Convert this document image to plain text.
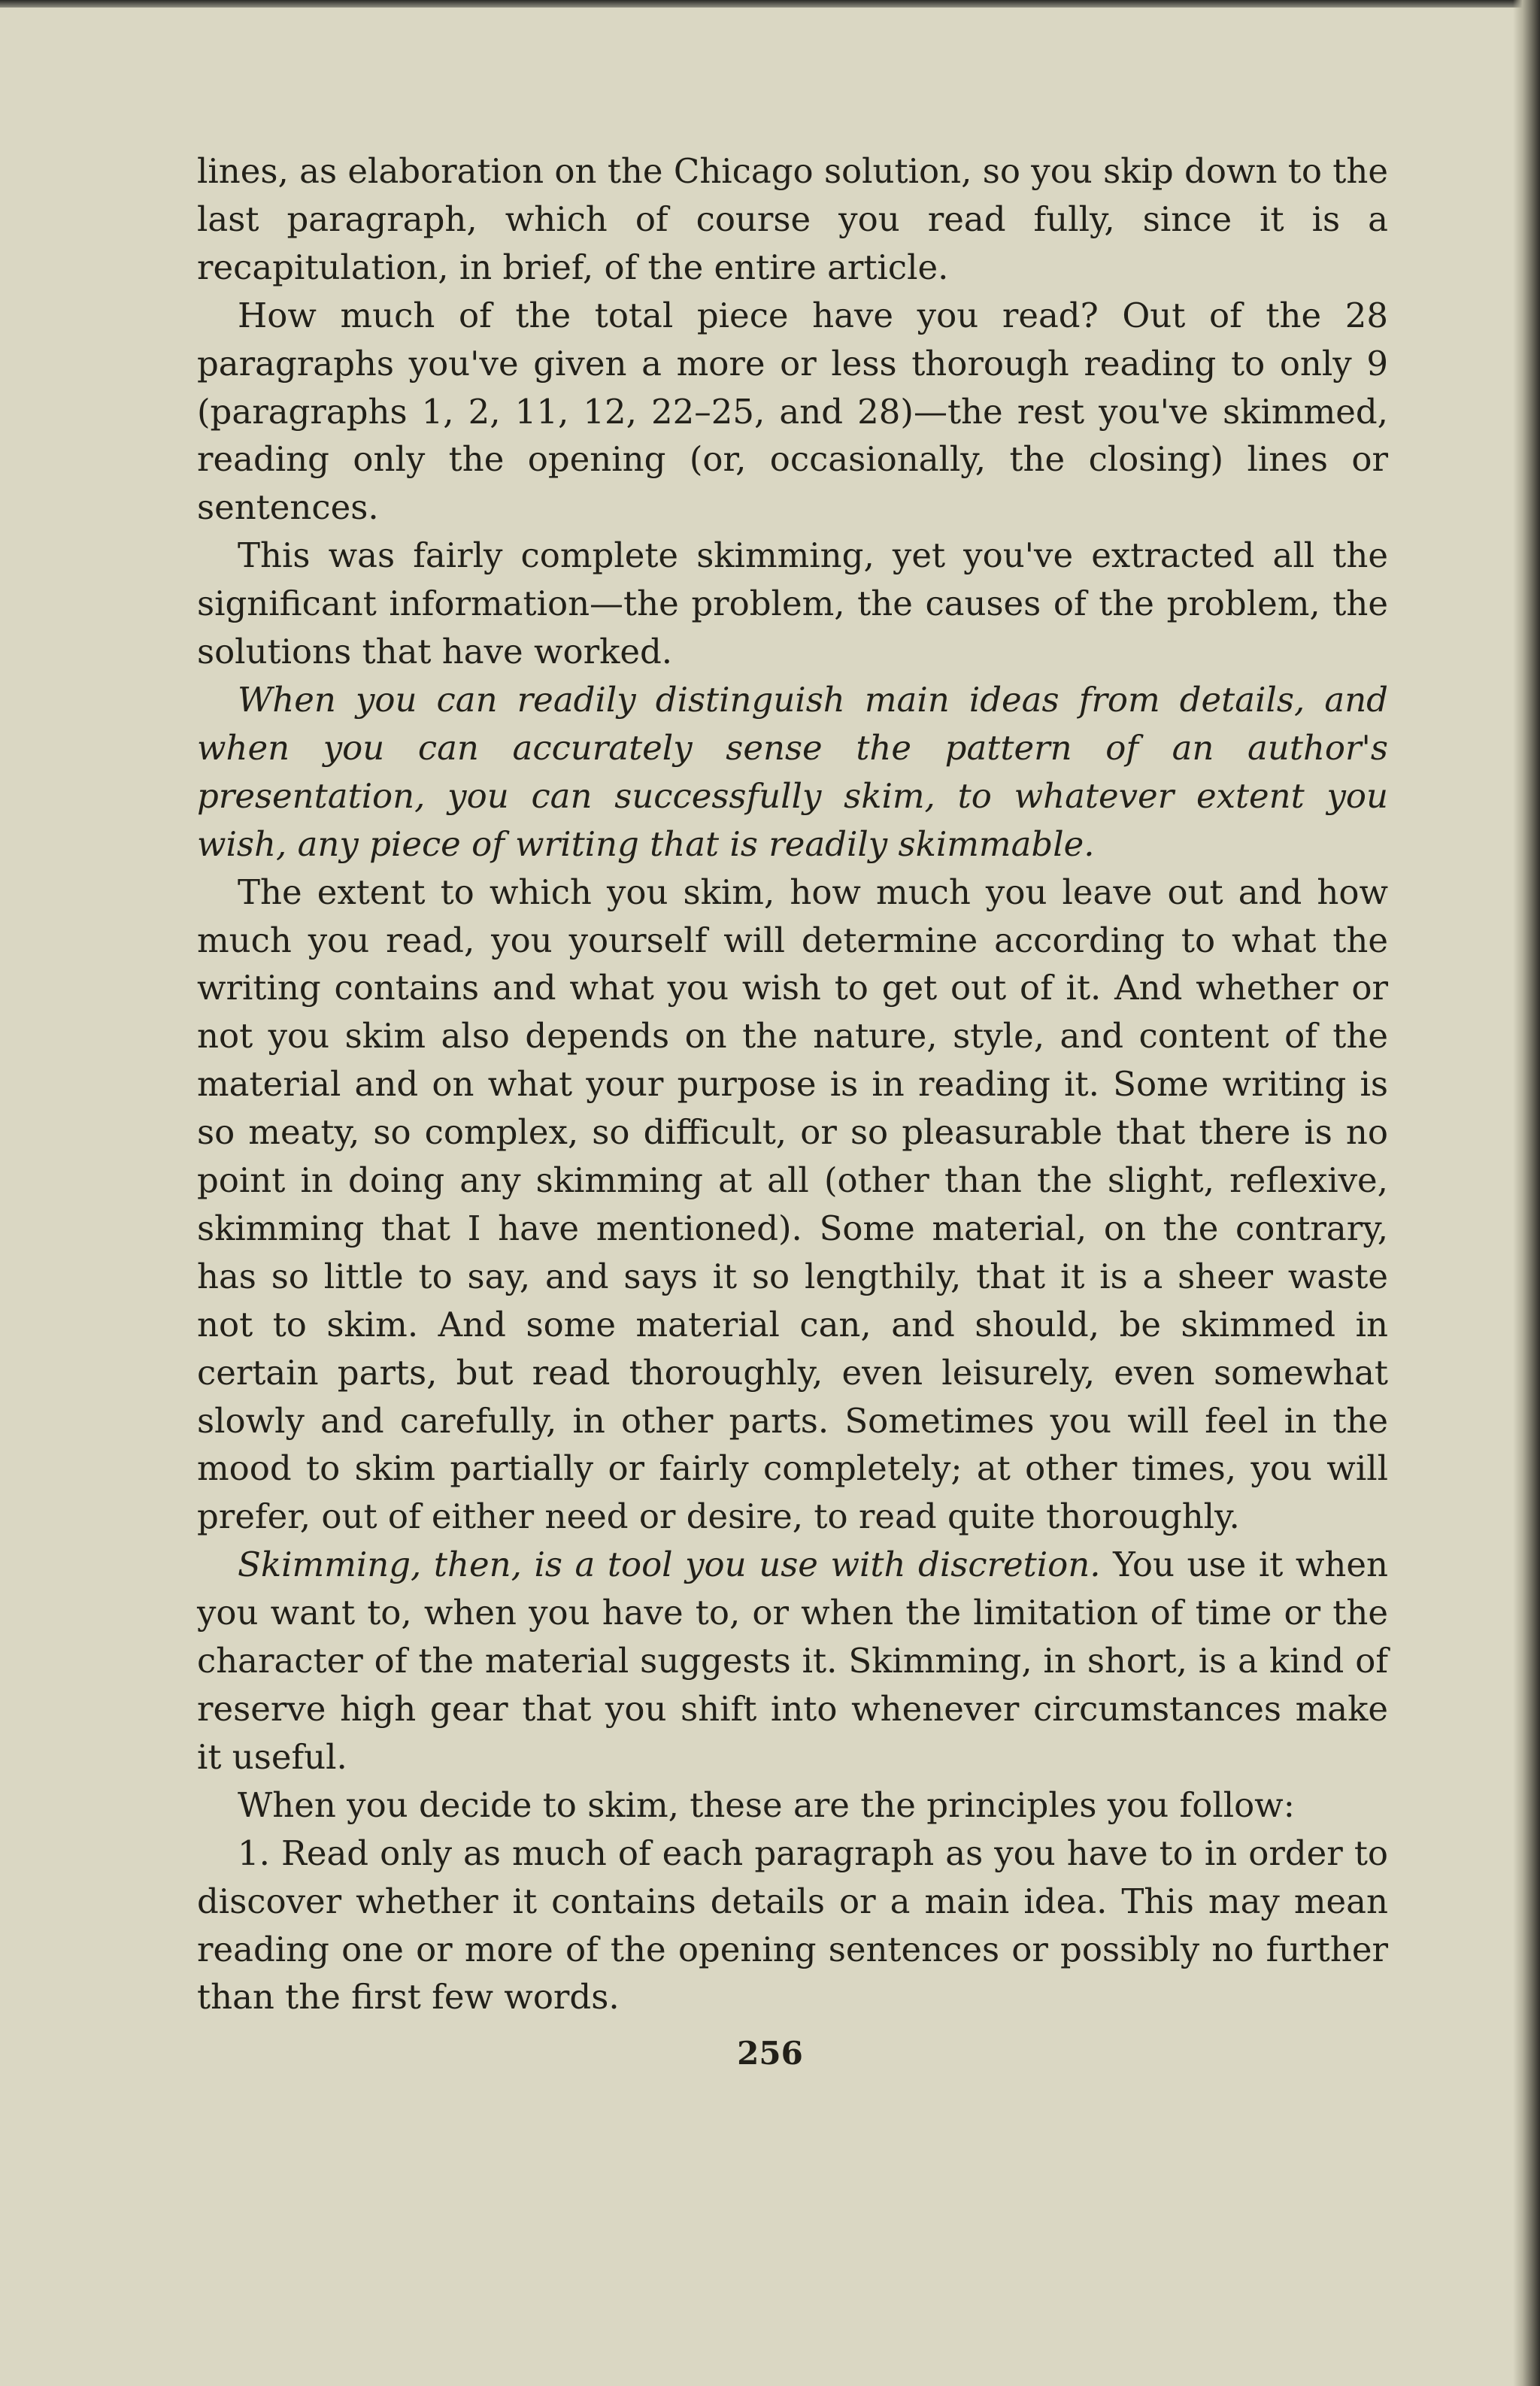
lines, as elaboration on the Chicago solution, so you skip down to the last paragraph, which of course you read fully, since it is a recapitulation, in brief, of the entire article.

How much of the total piece have you read? Out of the 28 paragraphs you've given a more or less thorough reading to only 9 (paragraphs 1, 2, 11, 12, 22–25, and 28)—the rest you've skimmed, reading only the opening (or, occasionally, the closing) lines or sentences.

This was fairly complete skimming, yet you've extracted all the significant information—the problem, the causes of the problem, the solutions that have worked.

When you can readily distinguish main ideas from details, and when you can accurately sense the pattern of an author's presentation, you can successfully skim, to whatever extent you wish, any piece of writing that is readily skimmable.

The extent to which you skim, how much you leave out and how much you read, you yourself will determine according to what the writing contains and what you wish to get out of it. And whether or not you skim also depends on the nature, style, and content of the material and on what your purpose is in reading it. Some writing is so meaty, so complex, so difficult, or so pleasurable that there is no point in doing any skimming at all (other than the slight, reflexive, skimming that I have mentioned). Some material, on the contrary, has so little to say, and says it so lengthily, that it is a sheer waste not to skim. And some material can, and should, be skimmed in certain parts, but read thoroughly, even leisurely, even somewhat slowly and carefully, in other parts. Sometimes you will feel in the mood to skim partially or fairly completely; at other times, you will prefer, out of either need or desire, to read quite thoroughly.

Skimming, then, is a tool you use with discretion. You use it when you want to, when you have to, or when the limitation of time or the character of the material suggests it. Skimming, in short, is a kind of reserve high gear that you shift into whenever circumstances make it useful.

When you decide to skim, these are the principles you follow:

1. Read only as much of each paragraph as you have to in order to discover whether it contains details or a main idea. This may mean reading one or more of the opening sentences or possibly no further than the first few words.

256
